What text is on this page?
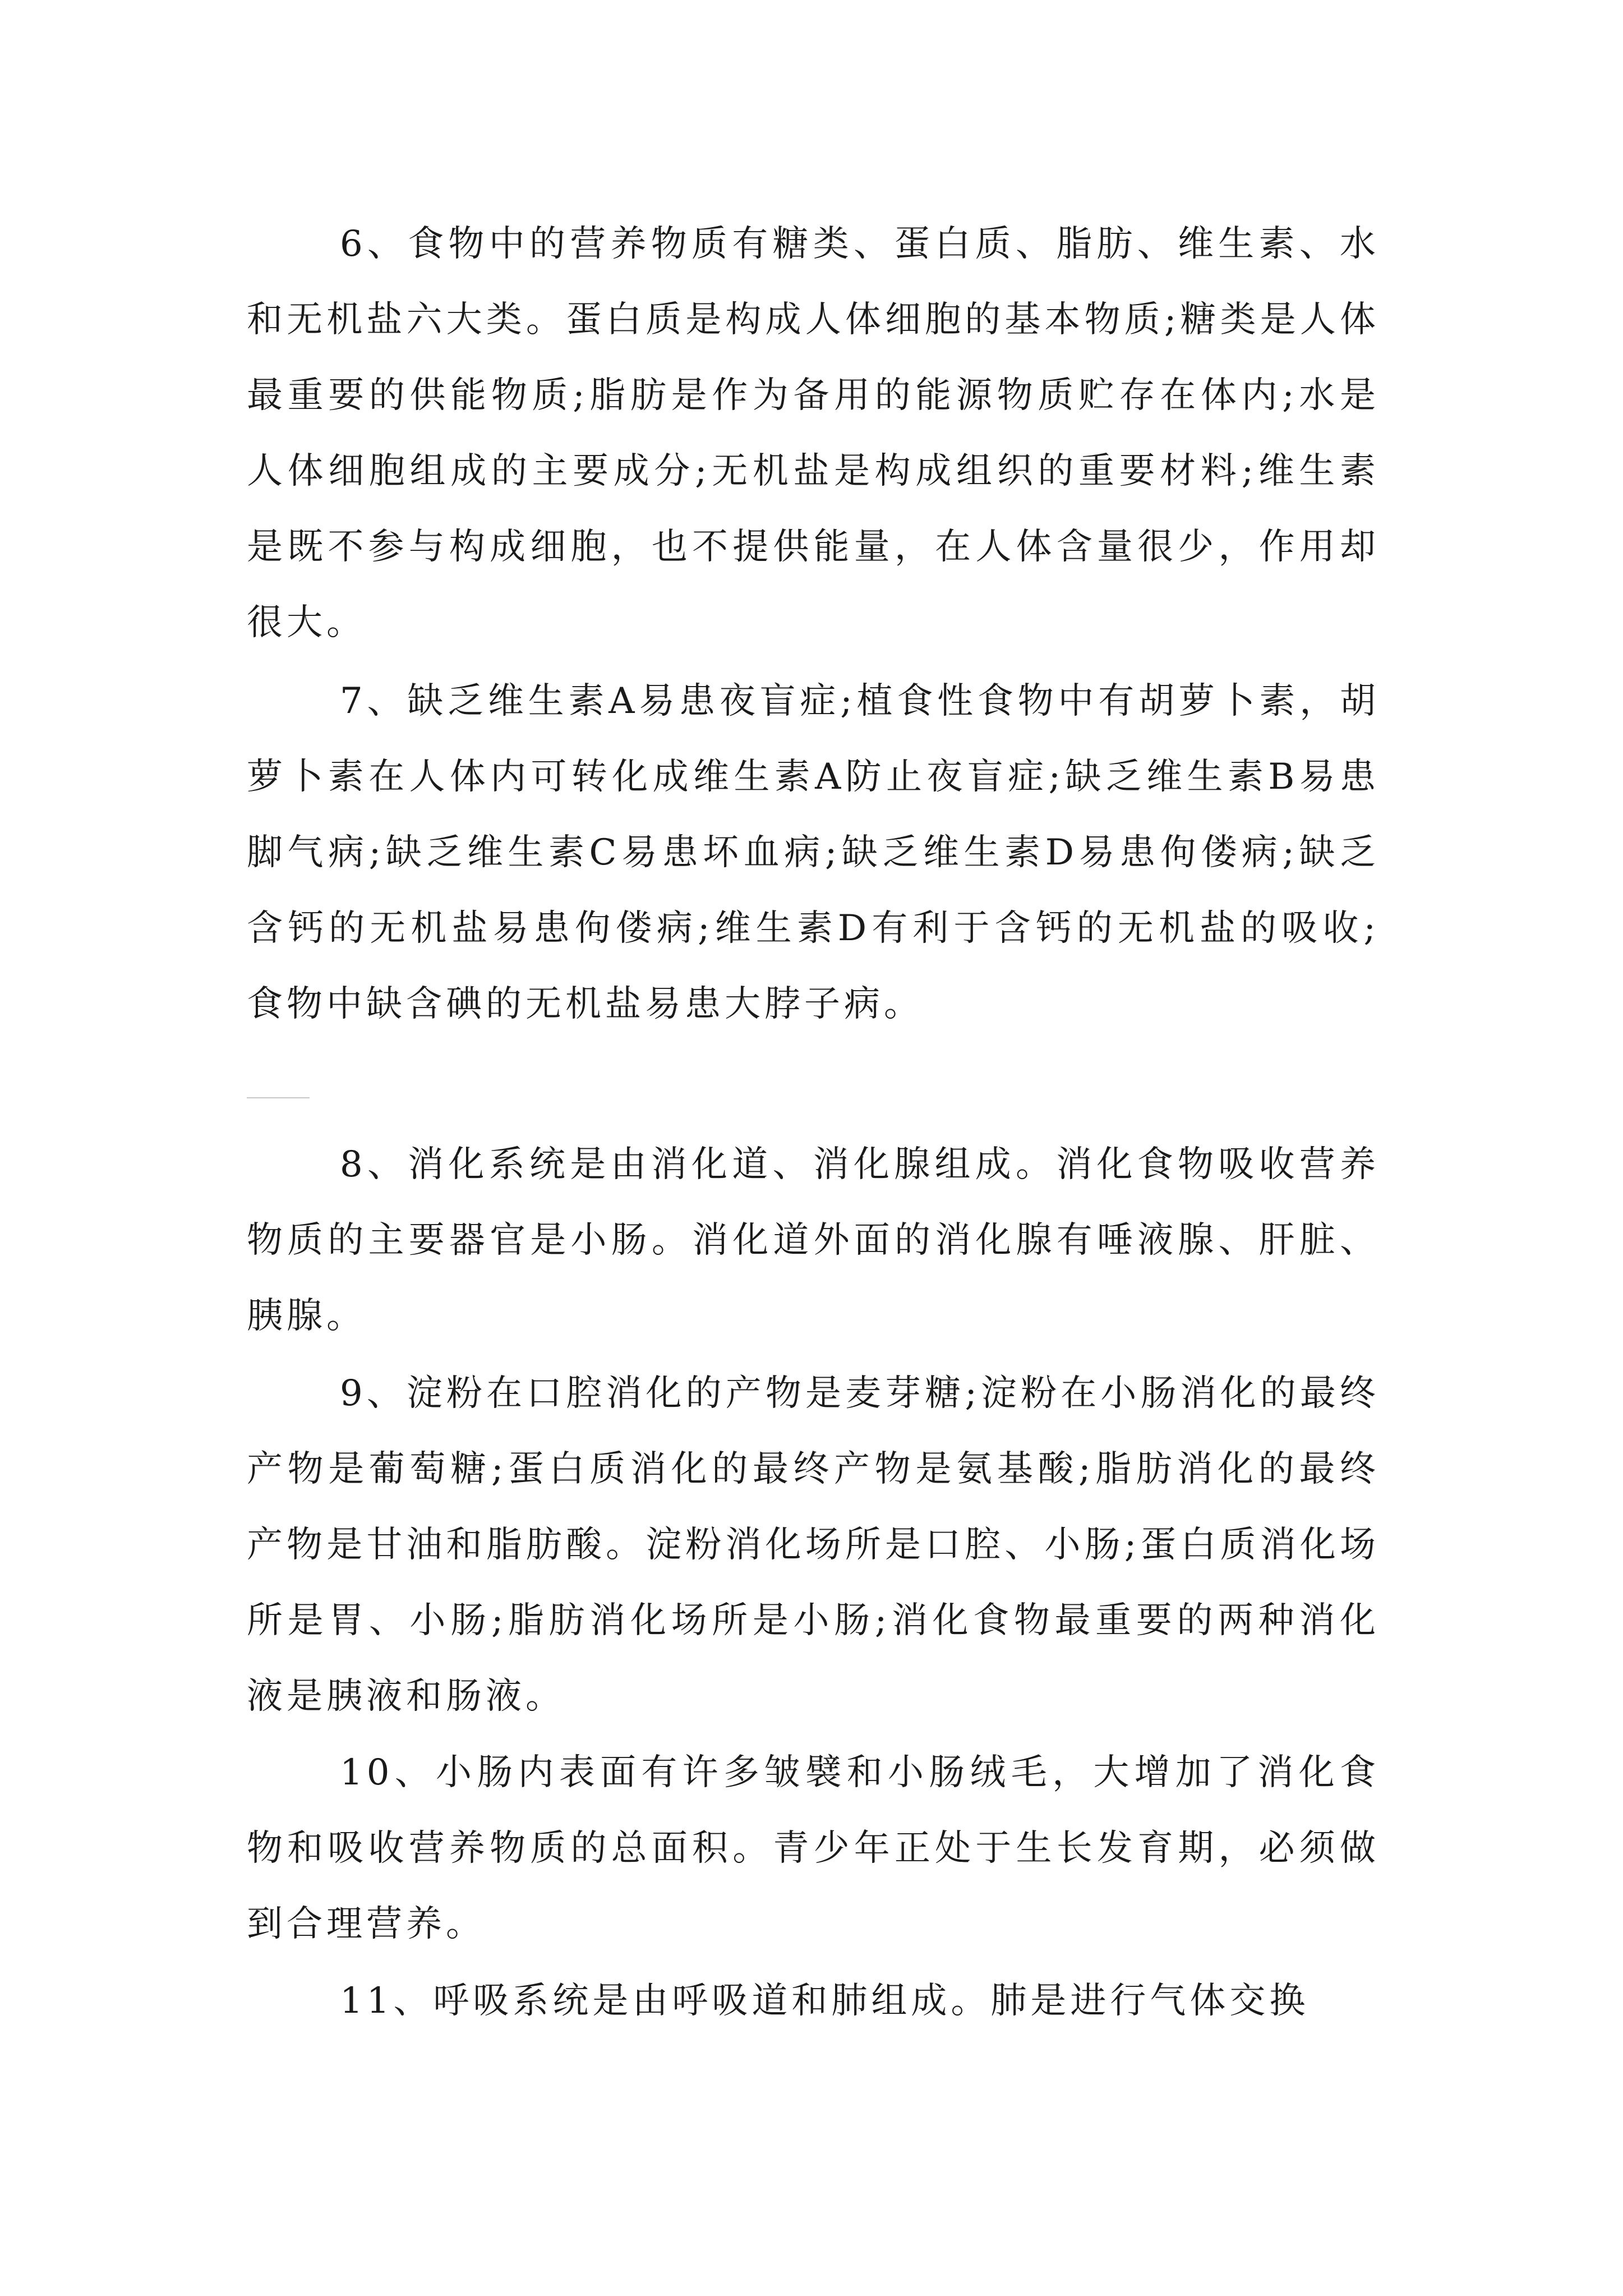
6、食物中的营养物质有糖类、蛋白质、脂肪、维生素、水和无机盐六大类。蛋白质是构成人体细胞的基本物质;糖类是人体最重要的供能物质;脂肪是作为备用的能源物质贮存在体内;水是人体细胞组成的主要成分;无机盐是构成组织的重要材料;维生素是既不参与构成细胞，也不提供能量，在人体含量很少，作用却很大。

7、缺乏维生素A易患夜盲症;植食性食物中有胡萝卜素，胡萝卜素在人体内可转化成维生素A防止夜盲症;缺乏维生素B易患脚气病;缺乏维生素C易患坏血病;缺乏维生素D易患佝偻病;缺乏含钙的无机盐易患佝偻病;维生素D有利于含钙的无机盐的吸收;食物中缺含碘的无机盐易患大脖子病。

8、消化系统是由消化道、消化腺组成。消化食物吸收营养物质的主要器官是小肠。消化道外面的消化腺有唾液腺、肝脏、胰腺。

9、淀粉在口腔消化的产物是麦芽糖;淀粉在小肠消化的最终产物是葡萄糖;蛋白质消化的最终产物是氨基酸;脂肪消化的最终产物是甘油和脂肪酸。淀粉消化场所是口腔、小肠;蛋白质消化场所是胃、小肠;脂肪消化场所是小肠;消化食物最重要的两种消化液是胰液和肠液。

10、小肠内表面有许多皱襞和小肠绒毛，大增加了消化食物和吸收营养物质的总面积。青少年正处于生长发育期，必须做到合理营养。

11、呼吸系统是由呼吸道和肺组成。肺是进行气体交换
